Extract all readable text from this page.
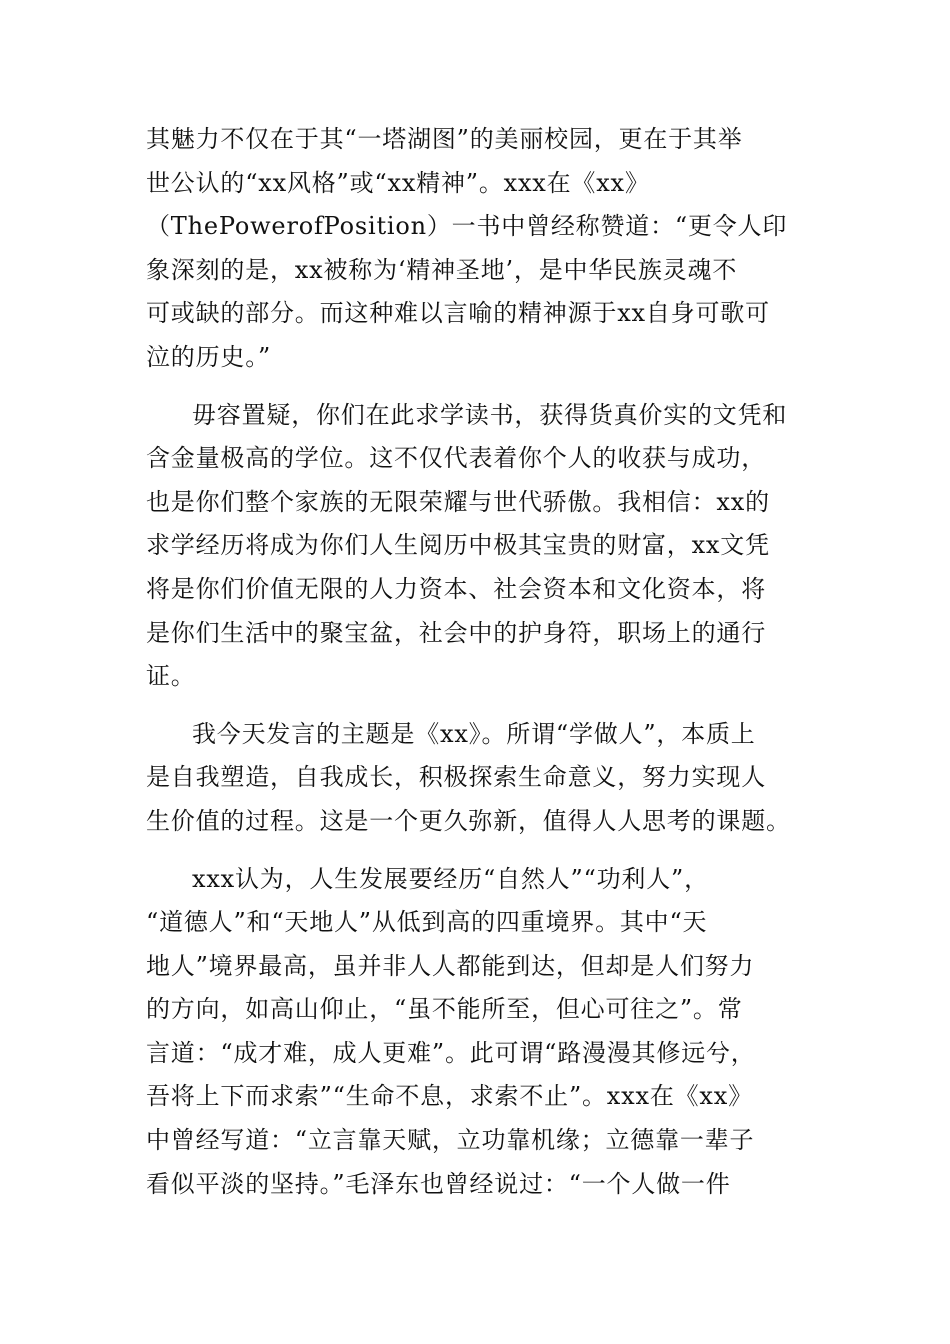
其魅力不仅在于其“一塔湖图”的美丽校园，更在于其举
世公认的“xx风格”或“xx精神”。xxx在《xx》
（ThePowerofPosition）一书中曾经称赞道：“更令人印
象深刻的是，xx被称为‘精神圣地’，是中华民族灵魂不
可或缺的部分。而这种难以言喻的精神源于xx自身可歌可
泣的历史。”
毋容置疑，你们在此求学读书，获得货真价实的文凭和
含金量极高的学位。这不仅代表着你个人的收获与成功，
也是你们整个家族的无限荣耀与世代骄傲。我相信：xx的
求学经历将成为你们人生阅历中极其宝贵的财富，xx文凭
将是你们价值无限的人力资本、社会资本和文化资本，将
是你们生活中的聚宝盆，社会中的护身符，职场上的通行
证。
我今天发言的主题是《xx》。所谓“学做人”，本质上
是自我塑造，自我成长，积极探索生命意义，努力实现人
生价值的过程。这是一个更久弥新，值得人人思考的课题。
xxx认为，人生发展要经历“自然人”“功利人”，
“道德人”和“天地人”从低到高的四重境界。其中“天
地人”境界最高，虽并非人人都能到达，但却是人们努力
的方向，如高山仰止，“虽不能所至，但心可往之”。常
言道：“成才难，成人更难”。此可谓“路漫漫其修远兮，
吾将上下而求索”“生命不息，求索不止”。xxx在《xx》
中曾经写道：“立言靠天赋，立功靠机缘；立德靠一辈子
看似平淡的坚持。”毛泽东也曾经说过：“一个人做一件
